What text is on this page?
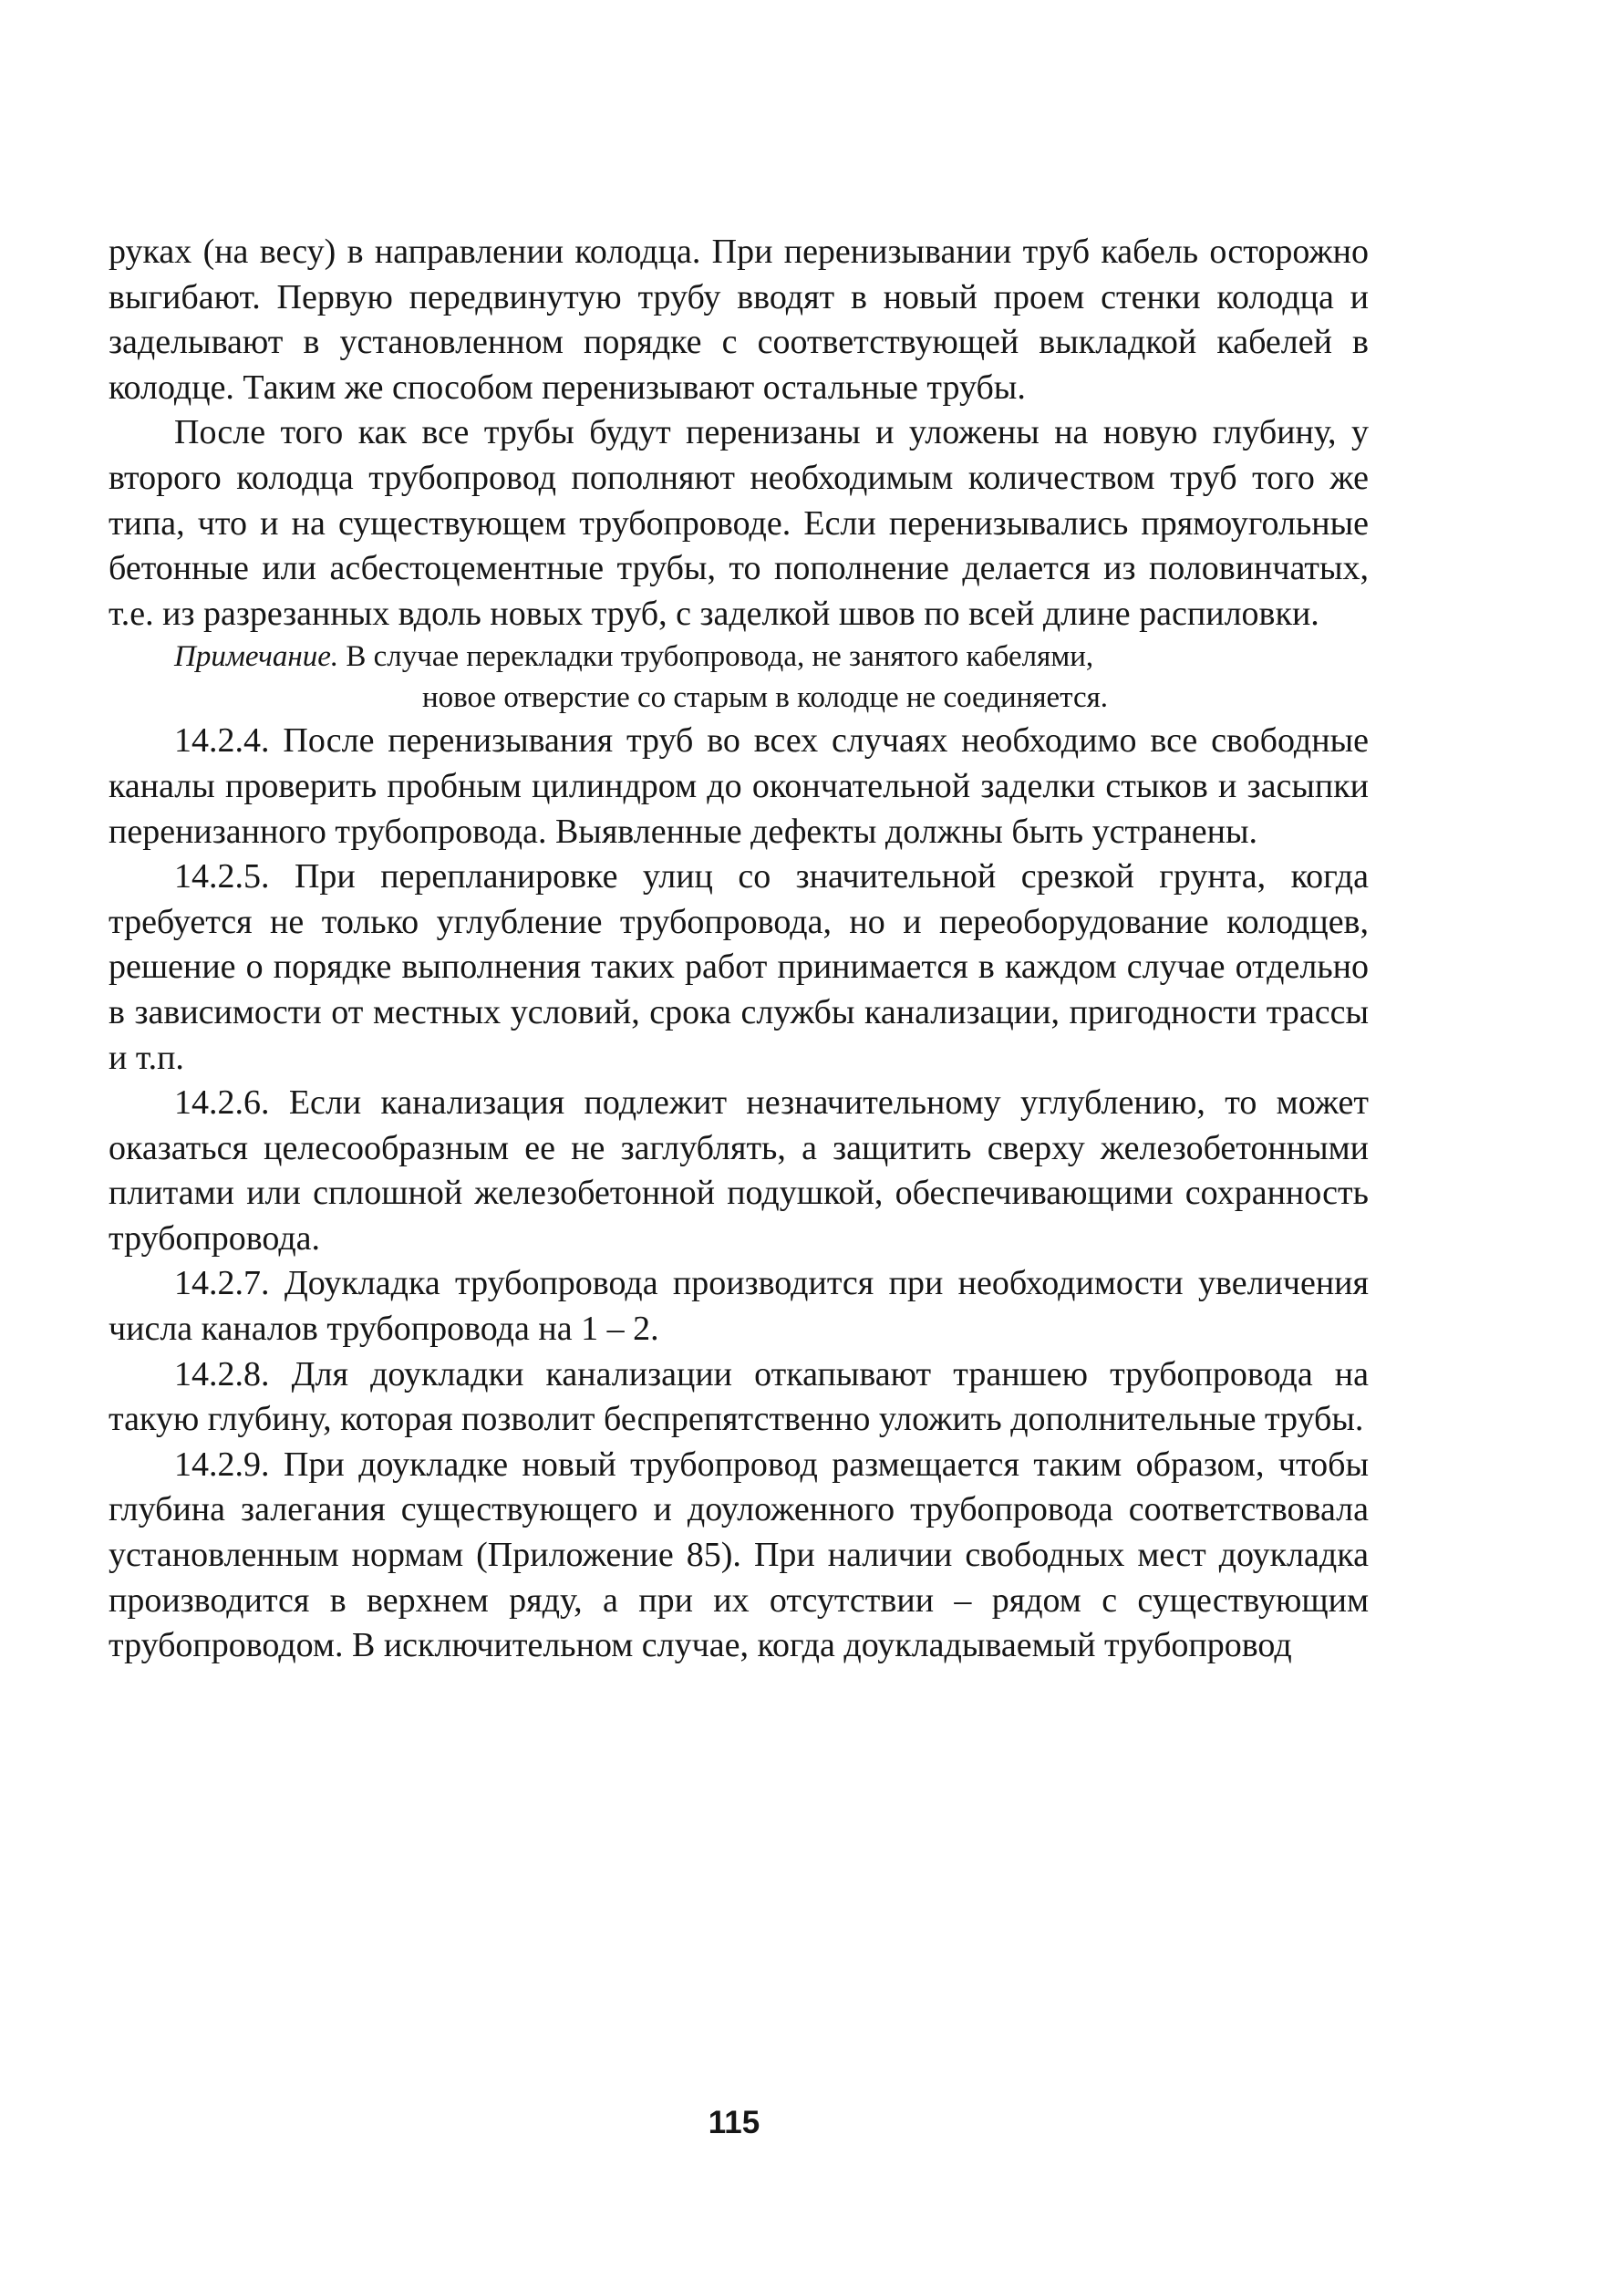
руках (на весу) в направлении колодца. При перенизывании труб кабель осторожно выгибают. Первую передвинутую трубу вводят в новый проем стенки колодца и заделывают в установленном порядке с соответствующей выкладкой кабелей в колодце. Таким же способом перенизывают остальные трубы.

После того как все трубы будут перенизаны и уложены на новую глубину, у второго колодца трубопровод пополняют необходимым количеством труб того же типа, что и на существующем трубопроводе. Если перенизывались прямоугольные бетонные или асбестоцементные трубы, то пополнение делается из половинчатых, т.е. из разрезанных вдоль новых труб, с заделкой швов по всей длине распиловки.

Примечание. В случае перекладки трубопровода, не занятого кабелями,
новое отверстие со старым в колодце не соединяется.

14.2.4. После перенизывания труб во всех случаях необходимо все свободные каналы проверить пробным цилиндром до окончательной заделки стыков и засыпки перенизанного трубопровода. Выявленные дефекты должны быть устранены.

14.2.5. При перепланировке улиц со значительной срезкой грунта, когда требуется не только углубление трубопровода, но и переоборудование колодцев, решение о порядке выполнения таких работ принимается в каждом случае отдельно в зависимости от местных условий, срока службы канализации, пригодности трассы и т.п.

14.2.6. Если канализация подлежит незначительному углублению, то может оказаться целесообразным ее не заглублять, а защитить сверху железобетонными плитами или сплошной железобетонной подушкой, обеспечивающими сохранность трубопровода.

14.2.7. Доукладка трубопровода производится при необходимости увеличения числа каналов трубопровода на 1 – 2.

14.2.8. Для доукладки канализации откапывают траншею трубопровода на такую глубину, которая позволит беспрепятственно уложить дополнительные трубы.

14.2.9. При доукладке новый трубопровод размещается таким образом, чтобы глубина залегания существующего и доуложенного трубопровода соответствовала установленным нормам (Приложение 85). При наличии свободных мест доукладка производится в верхнем ряду, а при их отсутствии – рядом с существующим трубопроводом. В исключительном случае, когда доукладываемый трубопровод

115
